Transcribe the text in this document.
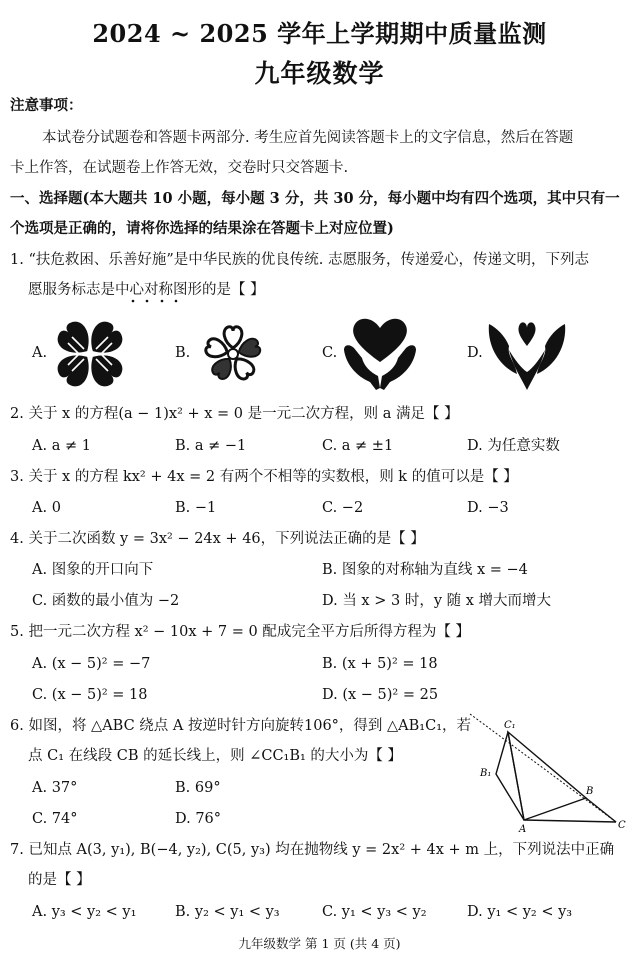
2024 ~ 2025 学年上学期期中质量监测
九年级数学
注意事项：
本试卷分试题卷和答题卡两部分. 考生应首先阅读答题卡上的文字信息，然后在答题
卡上作答，在试题卷上作答无效，交卷时只交答题卡.
一、选择题(本大题共 10 小题，每小题 3 分，共 30 分，每小题中均有四个选项，其中只有一
个选项是正确的，请将你选择的结果涂在答题卡上对应位置)
1. “扶危救困、乐善好施”是中华民族的优良传统. 志愿服务，传递爱心，传递文明，下列志
愿服务标志是中心对称图形的是【 】
A.	B.	C.	D.
2. 关于 x 的方程(a − 1)x² + x = 0 是一元二次方程，则 a 满足【 】
A. a ≠ 1	B. a ≠ −1	C. a ≠ ±1	D. 为任意实数
3. 关于 x 的方程 kx² + 4x = 2 有两个不相等的实数根，则 k 的值可以是【 】
A. 0	B. −1	C. −2	D. −3
4. 关于二次函数 y = 3x² − 24x + 46，下列说法正确的是【 】
A. 图象的开口向下	B. 图象的对称轴为直线 x = −4
C. 函数的最小值为 −2	D. 当 x > 3 时，y 随 x 增大而增大
5. 把一元二次方程 x² − 10x + 7 = 0 配成完全平方后所得方程为【 】
A. (x − 5)² = −7	B. (x + 5)² = 18
C. (x − 5)² = 18	D. (x − 5)² = 25
6. 如图，将 △ABC 绕点 A 按逆时针方向旋转106°，得到 △AB₁C₁，若
点 C₁ 在线段 CB 的延长线上，则 ∠CC₁B₁ 的大小为【 】
A. 37°	B. 69°
C. 74°	D. 76°
C₁
B₁
B
A	C
7. 已知点 A(3, y₁), B(−4, y₂), C(5, y₃) 均在抛物线 y = 2x² + 4x + m 上，下列说法中正确
的是【 】
A. y₃ < y₂ < y₁	B. y₂ < y₁ < y₃	C. y₁ < y₃ < y₂	D. y₁ < y₂ < y₃
九年级数学 第 1 页 (共 4 页)
